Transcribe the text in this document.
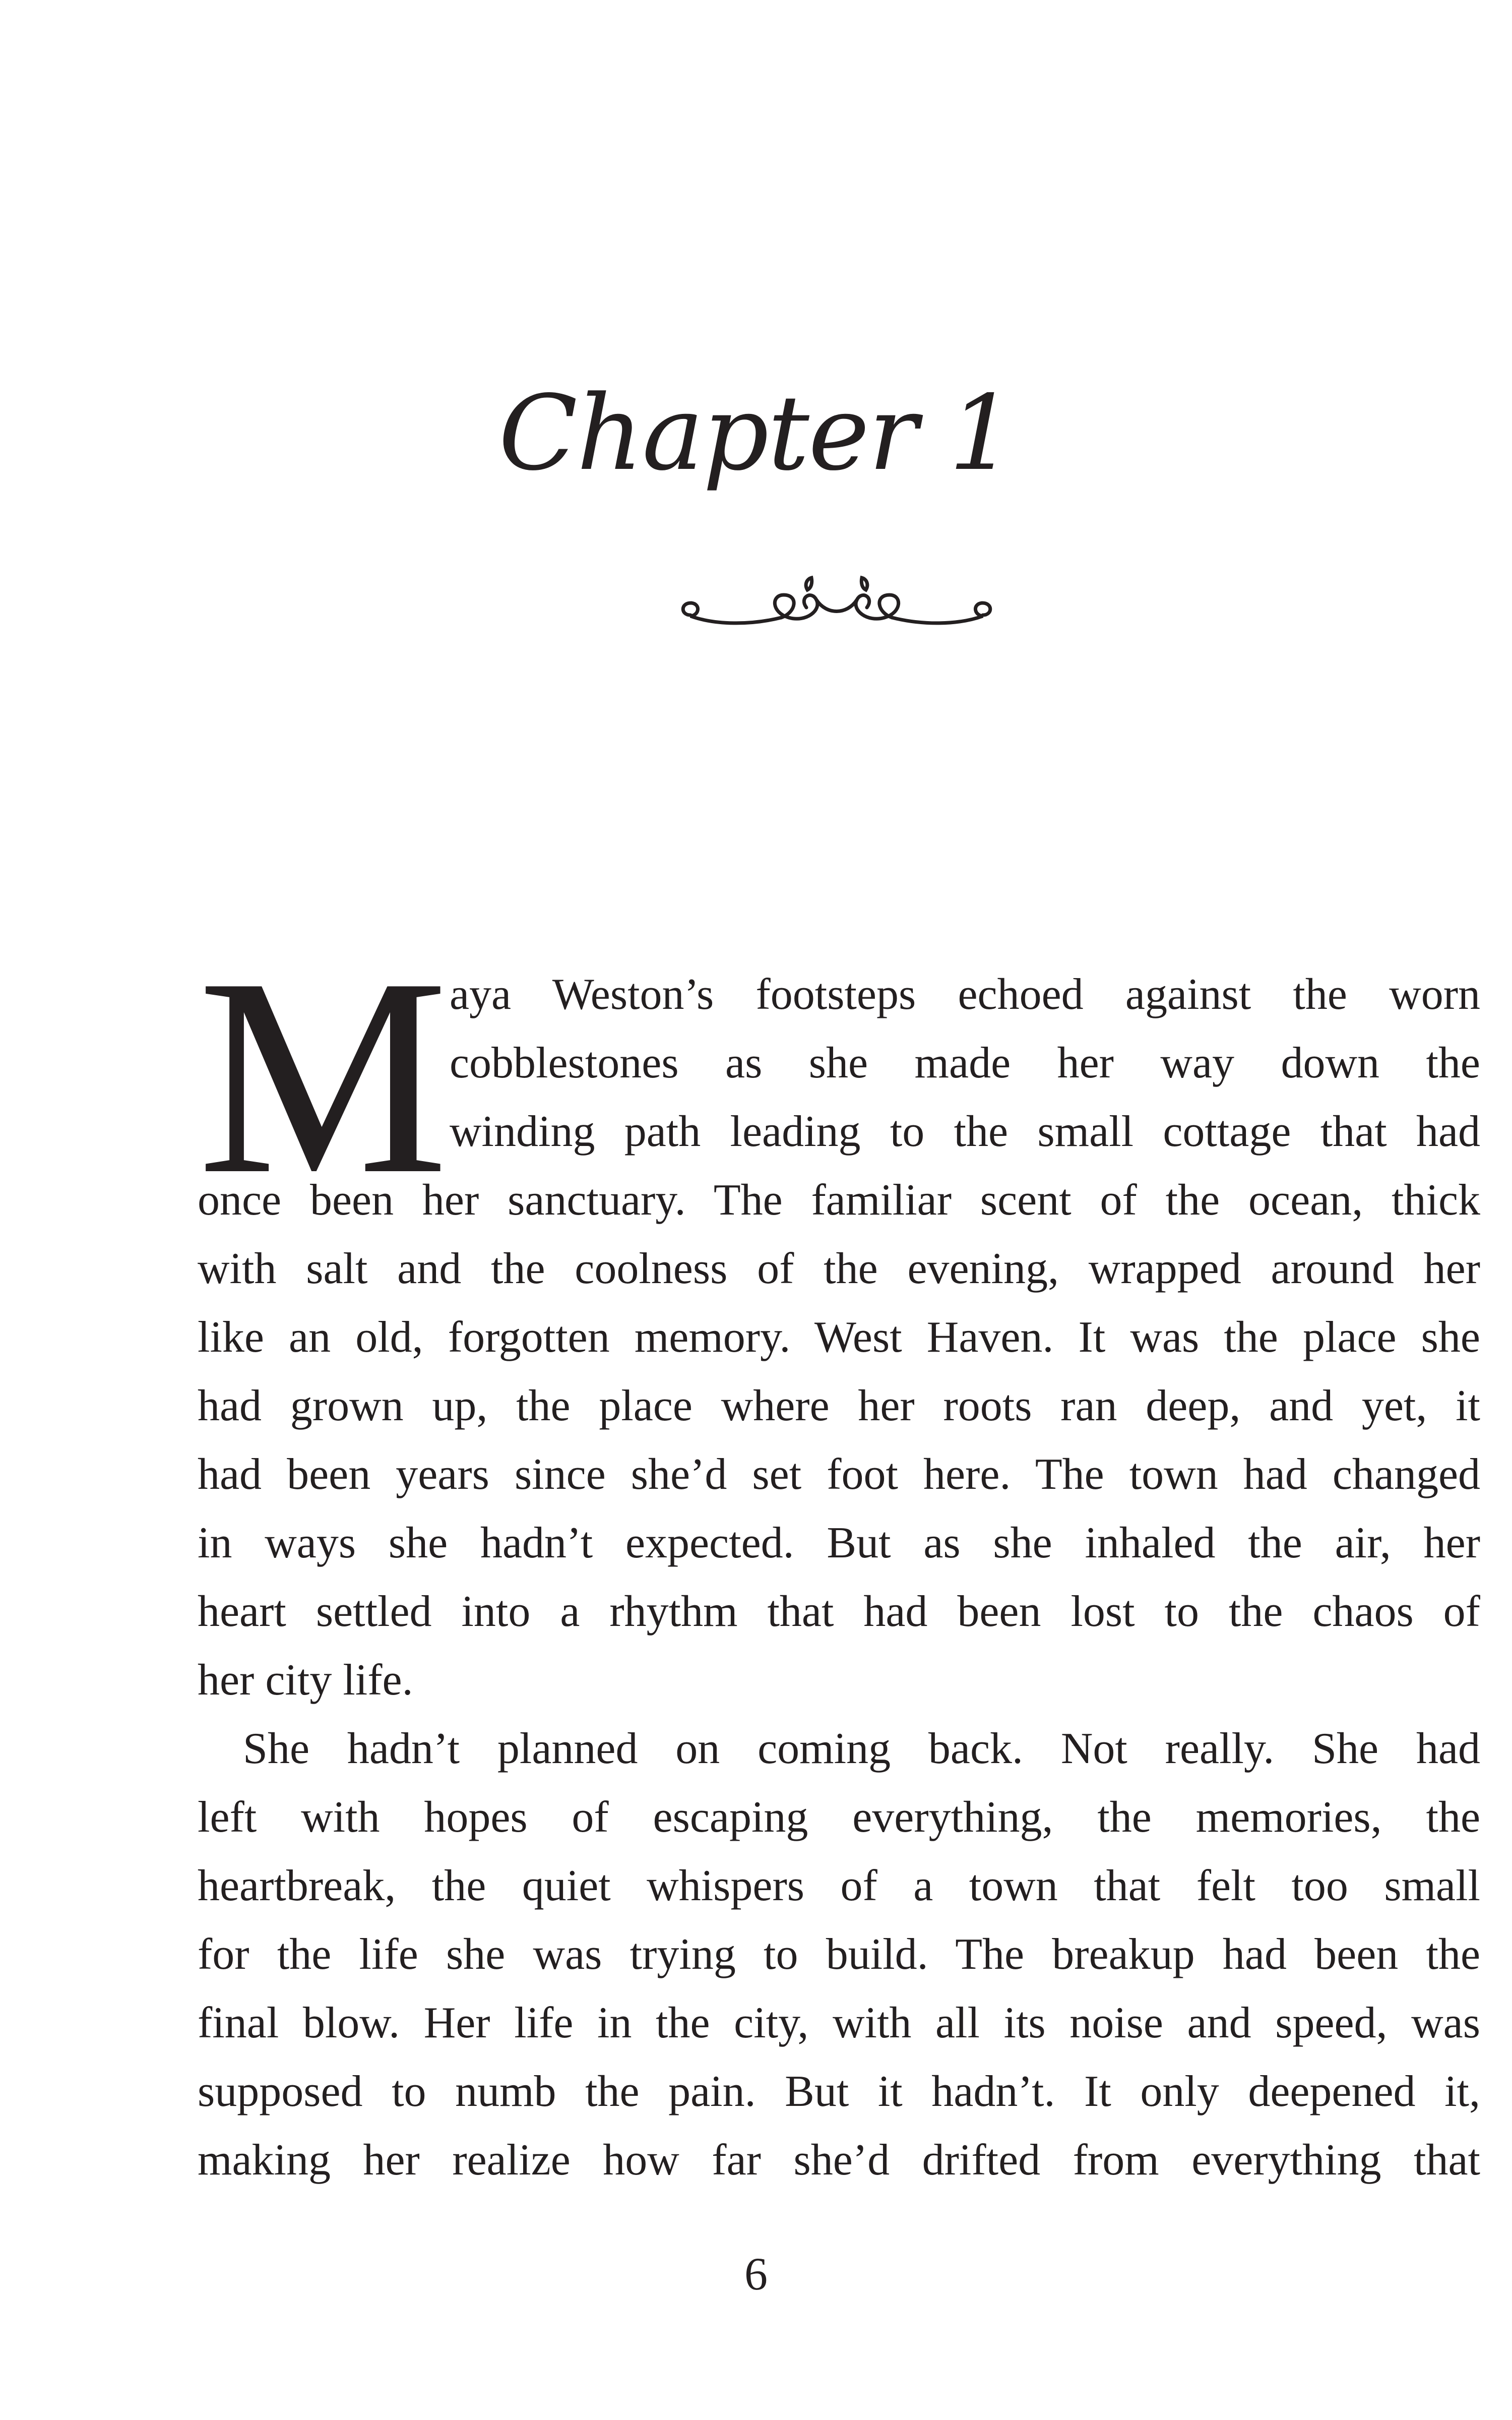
Chapter 1
M aya Weston’s footsteps echoed against the worn
cobblestones as she made her way down the
winding path leading to the small cottage that had
once been her sanctuary. The familiar scent of the ocean, thick
with salt and the coolness of the evening, wrapped around her
like an old, forgotten memory. West Haven. It was the place she
had grown up, the place where her roots ran deep, and yet, it
had been years since she’d set foot here. The town had changed
in ways she hadn’t expected. But as she inhaled the air, her
heart settled into a rhythm that had been lost to the chaos of
her city life.
She hadn’t planned on coming back. Not really. She had
left with hopes of escaping everything, the memories, the
heartbreak, the quiet whispers of a town that felt too small
for the life she was trying to build. The breakup had been the
final blow. Her life in the city, with all its noise and speed, was
supposed to numb the pain. But it hadn’t. It only deepened it,
making her realize how far she’d drifted from everything that
6
